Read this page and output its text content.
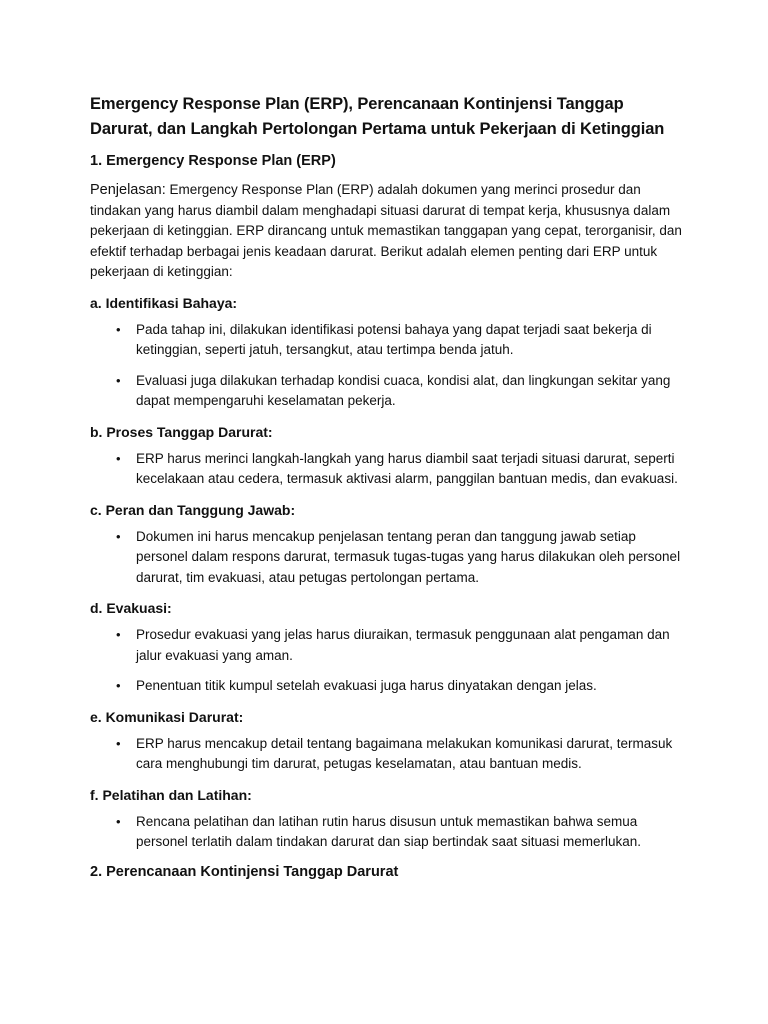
Emergency Response Plan (ERP), Perencanaan Kontinjensi Tanggap Darurat, dan Langkah Pertolongan Pertama untuk Pekerjaan di Ketinggian
1. Emergency Response Plan (ERP)

Penjelasan: Emergency Response Plan (ERP) adalah dokumen yang merinci prosedur dan tindakan yang harus diambil dalam menghadapi situasi darurat di tempat kerja, khususnya dalam pekerjaan di ketinggian. ERP dirancang untuk memastikan tanggapan yang cepat, terorganisir, dan efektif terhadap berbagai jenis keadaan darurat. Berikut adalah elemen penting dari ERP untuk pekerjaan di ketinggian:

a. Identifikasi Bahaya:
• Pada tahap ini, dilakukan identifikasi potensi bahaya yang dapat terjadi saat bekerja di ketinggian, seperti jatuh, tersangkut, atau tertimpa benda jatuh.
• Evaluasi juga dilakukan terhadap kondisi cuaca, kondisi alat, dan lingkungan sekitar yang dapat mempengaruhi keselamatan pekerja.
b. Proses Tanggap Darurat:
• ERP harus merinci langkah-langkah yang harus diambil saat terjadi situasi darurat, seperti kecelakaan atau cedera, termasuk aktivasi alarm, panggilan bantuan medis, dan evakuasi.
c. Peran dan Tanggung Jawab:
• Dokumen ini harus mencakup penjelasan tentang peran dan tanggung jawab setiap personel dalam respons darurat, termasuk tugas-tugas yang harus dilakukan oleh personel darurat, tim evakuasi, atau petugas pertolongan pertama.
d. Evakuasi:
• Prosedur evakuasi yang jelas harus diuraikan, termasuk penggunaan alat pengaman dan jalur evakuasi yang aman.
• Penentuan titik kumpul setelah evakuasi juga harus dinyatakan dengan jelas.
e. Komunikasi Darurat:
• ERP harus mencakup detail tentang bagaimana melakukan komunikasi darurat, termasuk cara menghubungi tim darurat, petugas keselamatan, atau bantuan medis.
f. Pelatihan dan Latihan:
• Rencana pelatihan dan latihan rutin harus disusun untuk memastikan bahwa semua personel terlatih dalam tindakan darurat dan siap bertindak saat situasi memerlukan.
2. Perencanaan Kontinjensi Tanggap Darurat
